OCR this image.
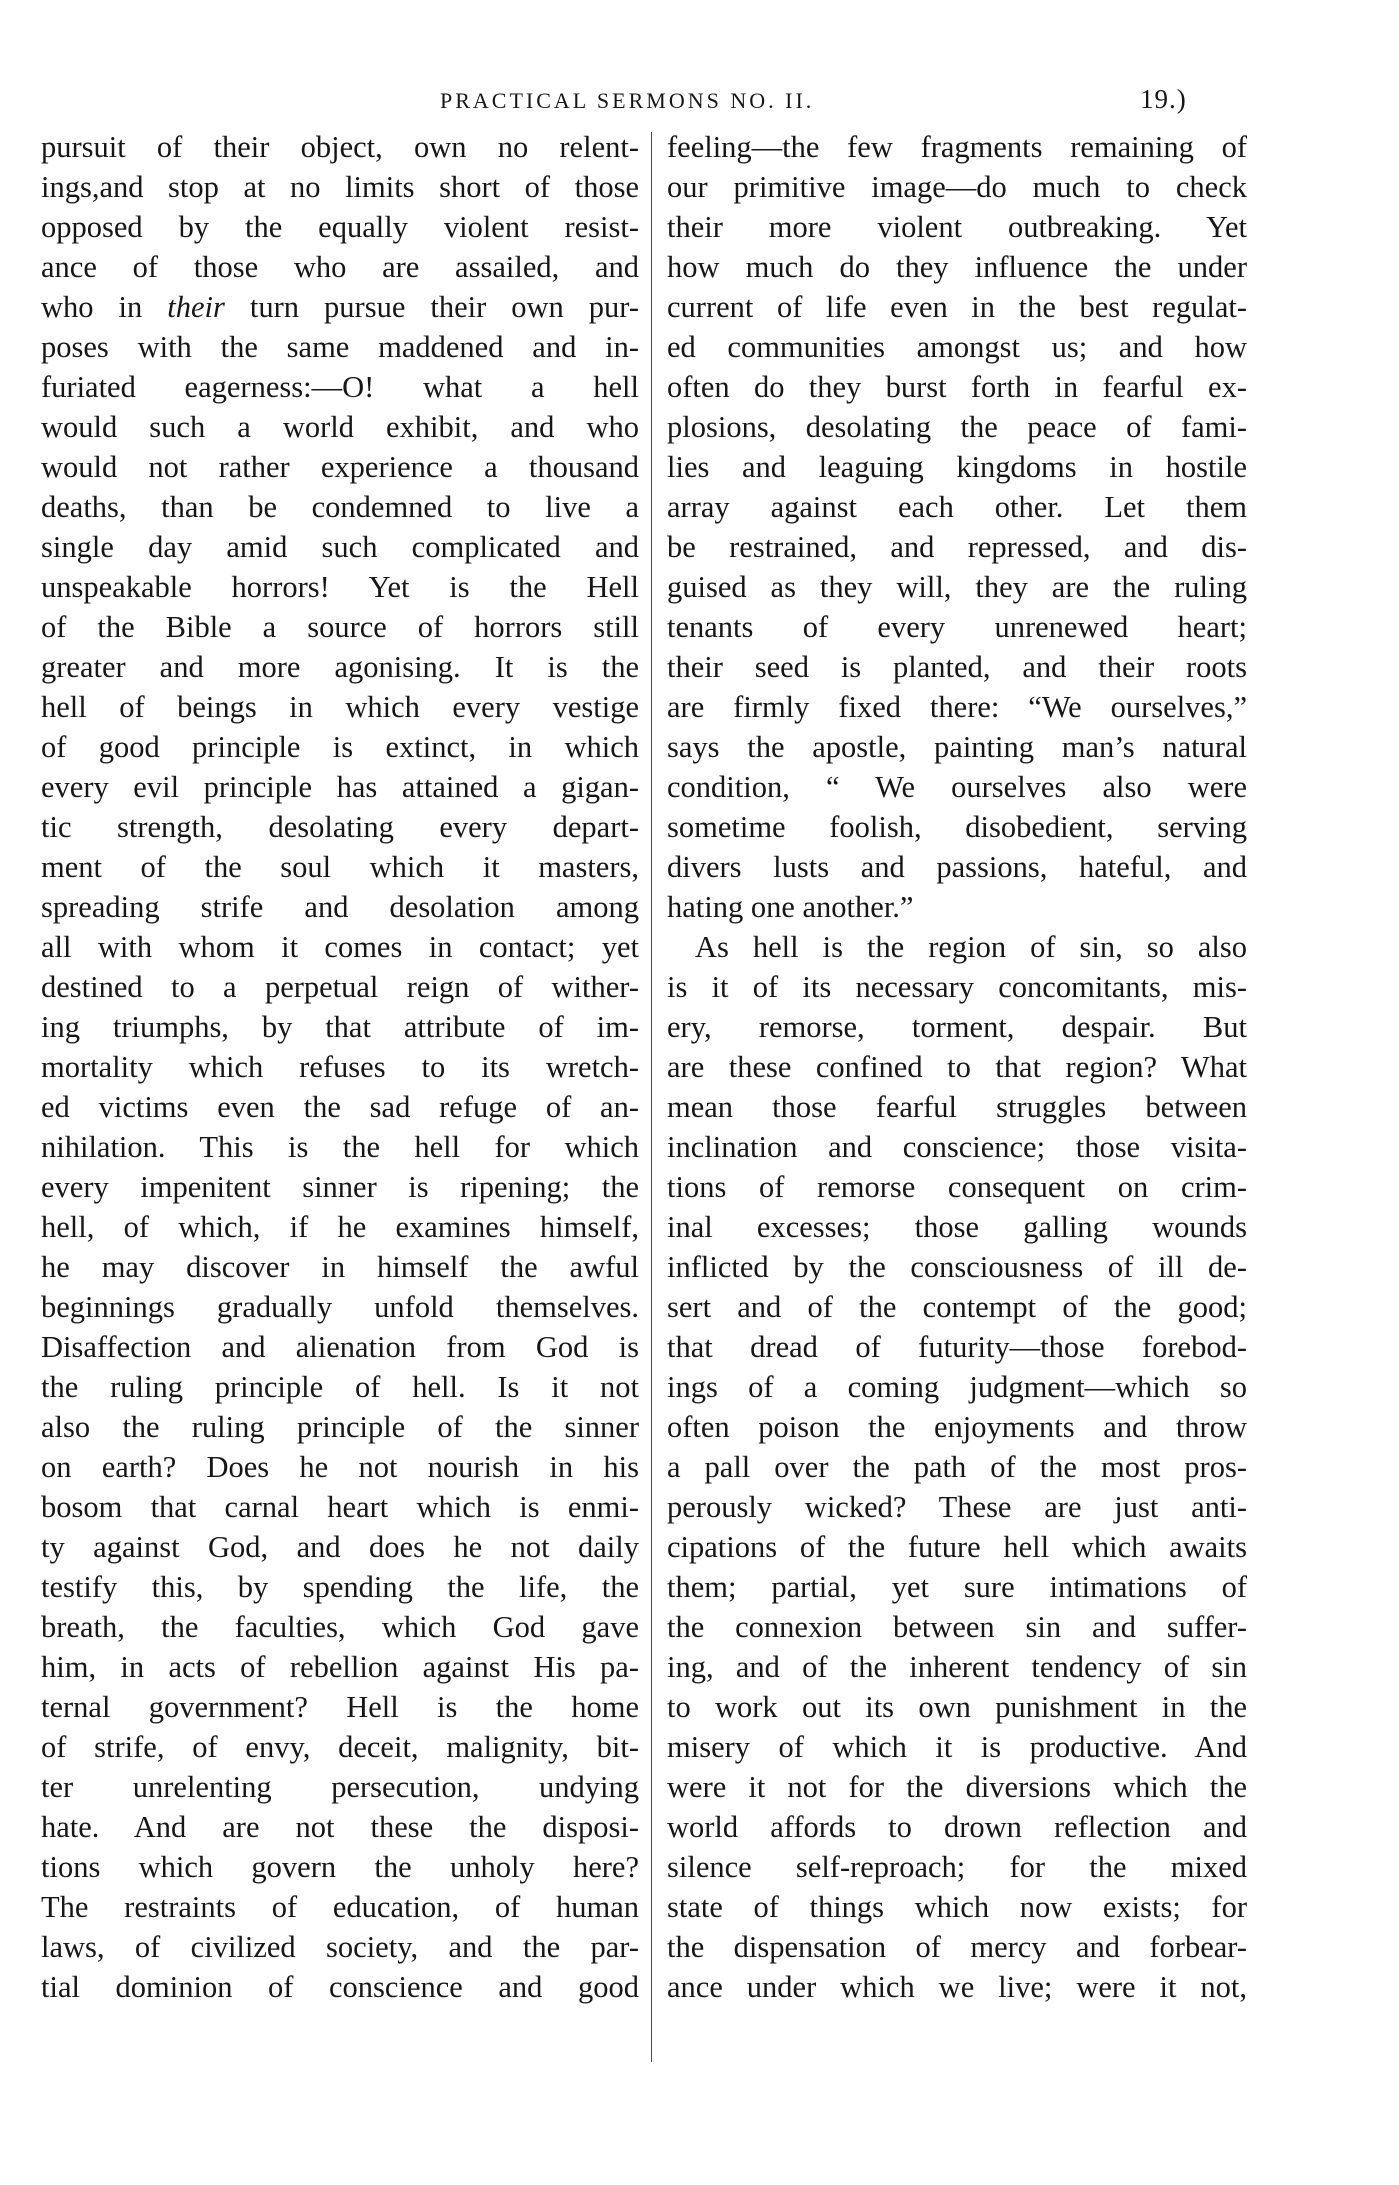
PRACTICAL SERMONS NO. II.	19.)
pursuit of their object, own no relent-
ings,and stop at no limits short of those
opposed by the equally violent resist-
ance of those who are assailed, and
who in their turn pursue their own pur-
poses with the same maddened and in-
furiated eagerness:—O! what a hell
would such a world exhibit, and who
would not rather experience a thousand
deaths, than be condemned to live a
single day amid such complicated and
unspeakable horrors! Yet is the Hell
of the Bible a source of horrors still
greater and more agonising. It is the
hell of beings in which every vestige
of good principle is extinct, in which
every evil principle has attained a gigan-
tic strength, desolating every depart-
ment of the soul which it masters,
spreading strife and desolation among
all with whom it comes in contact; yet
destined to a perpetual reign of wither-
ing triumphs, by that attribute of im-
mortality which refuses to its wretch-
ed victims even the sad refuge of an-
nihilation. This is the hell for which
every impenitent sinner is ripening; the
hell, of which, if he examines himself,
he may discover in himself the awful
beginnings gradually unfold themselves.
Disaffection and alienation from God is
the ruling principle of hell. Is it not
also the ruling principle of the sinner
on earth? Does he not nourish in his
bosom that carnal heart which is enmi-
ty against God, and does he not daily
testify this, by spending the life, the
breath, the faculties, which God gave
him, in acts of rebellion against His pa-
ternal government? Hell is the home
of strife, of envy, deceit, malignity, bit-
ter unrelenting persecution, undying
hate. And are not these the disposi-
tions which govern the unholy here?
The restraints of education, of human
laws, of civilized society, and the par-
tial dominion of conscience and good
feeling—the few fragments remaining of
our primitive image—do much to check
their more violent outbreaking. Yet
how much do they influence the under
current of life even in the best regulat-
ed communities amongst us; and how
often do they burst forth in fearful ex-
plosions, desolating the peace of fami-
lies and leaguing kingdoms in hostile
array against each other. Let them
be restrained, and repressed, and dis-
guised as they will, they are the ruling
tenants of every unrenewed heart;
their seed is planted, and their roots
are firmly fixed there: “We ourselves,”
says the apostle, painting man’s natural
condition, “ We ourselves also were
sometime foolish, disobedient, serving
divers lusts and passions, hateful, and
hating one another.”
As hell is the region of sin, so also
is it of its necessary concomitants, mis-
ery, remorse, torment, despair. But
are these confined to that region? What
mean those fearful struggles between
inclination and conscience; those visita-
tions of remorse consequent on crim-
inal excesses; those galling wounds
inflicted by the consciousness of ill de-
sert and of the contempt of the good;
that dread of futurity—those forebod-
ings of a coming judgment—which so
often poison the enjoyments and throw
a pall over the path of the most pros-
perously wicked? These are just anti-
cipations of the future hell which awaits
them; partial, yet sure intimations of
the connexion between sin and suffer-
ing, and of the inherent tendency of sin
to work out its own punishment in the
misery of which it is productive. And
were it not for the diversions which the
world affords to drown reflection and
silence self-reproach; for the mixed
state of things which now exists; for
the dispensation of mercy and forbear-
ance under which we live; were it not,
